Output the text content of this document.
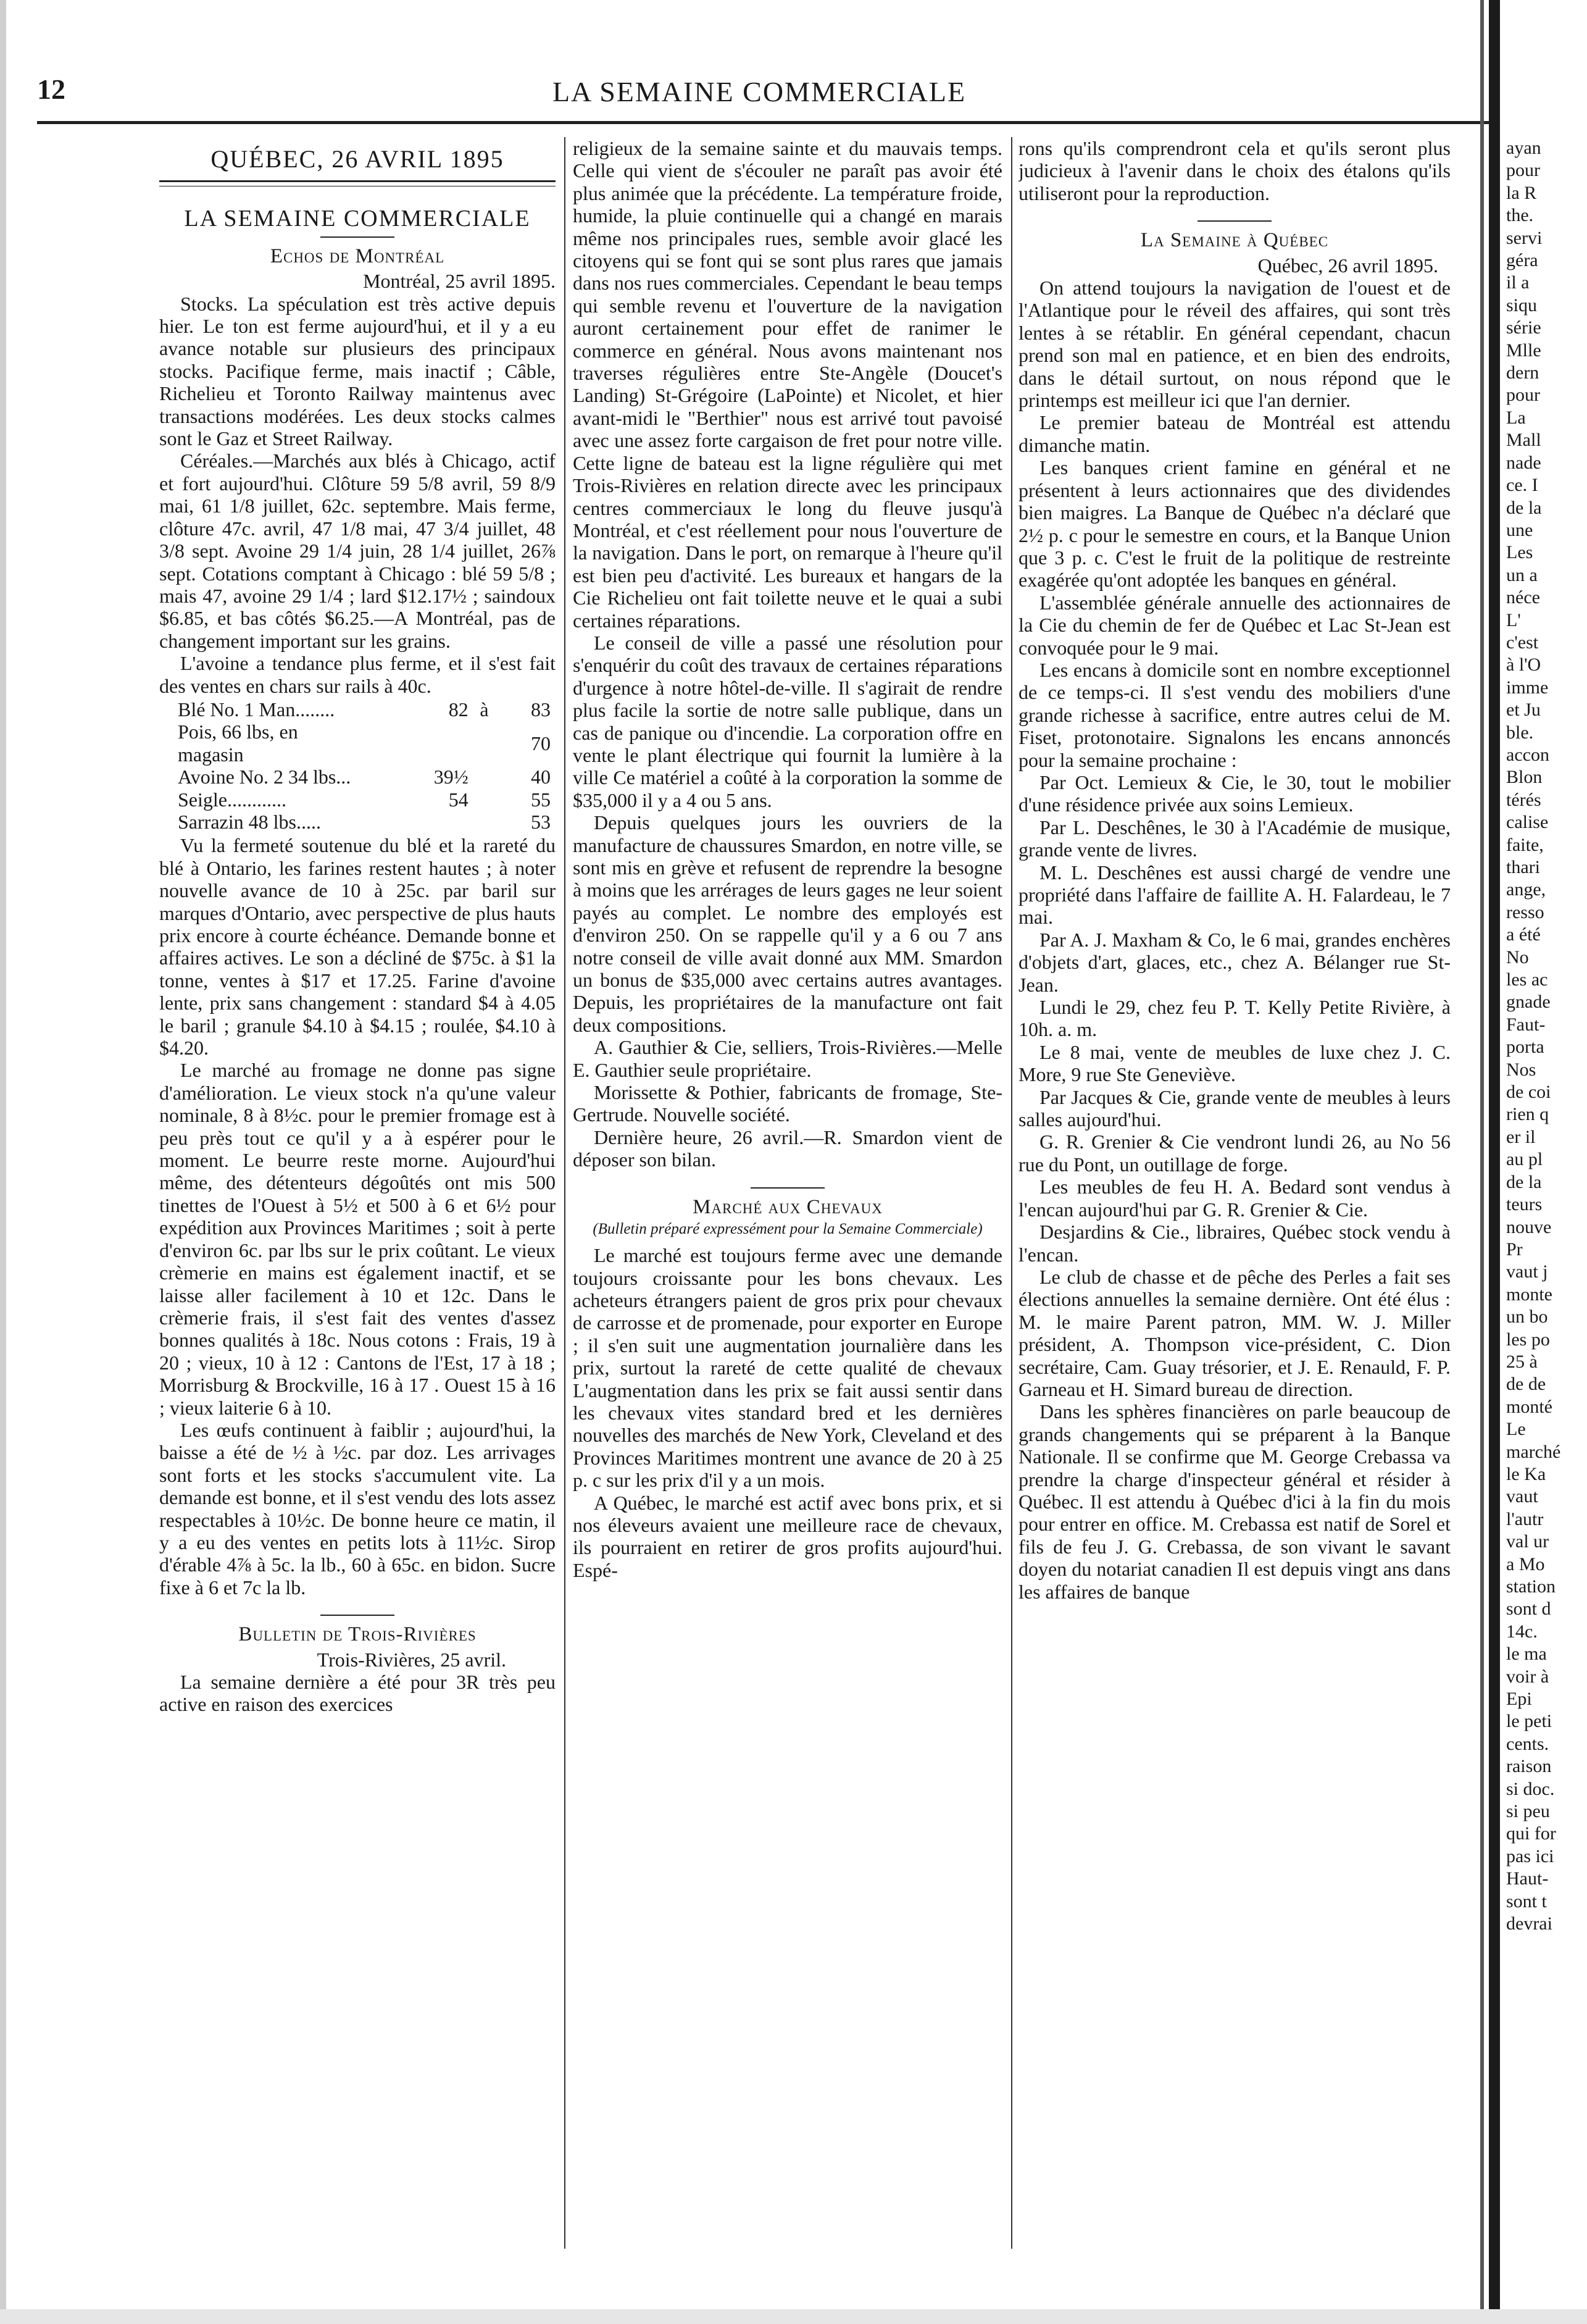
12	LA SEMAINE COMMERCIALE
QUÉBEC, 26 AVRIL 1895
LA SEMAINE COMMERCIALE
Echos de Montréal

Montréal, 25 avril 1895.

Stocks. La spéculation est très active depuis hier. Le ton est ferme aujourd'hui, et il y a eu avance notable sur plusieurs des principaux stocks. Pacifique ferme, mais inactif ; Câble, Richelieu et Toronto Railway maintenus avec transactions modérées. Les deux stocks calmes sont le Gaz et Street Railway.

Céréales.—Marchés aux blés à Chicago, actif et fort aujourd'hui. Clôture 59 5/8 avril, 59 8/9 mai, 61 1/8 juillet, 62c. septembre. Mais ferme, clôture 47c. avril, 47 1/8 mai, 47 3/4 juillet, 48 3/8 sept. Avoine 29 1/4 juin, 28 1/4 juillet, 26⅞ sept. Cotations comptant à Chicago : blé 59 5/8 ; mais 47, avoine 29 1/4 ; lard $12.17½ ; saindoux $6.85, et bas côtés $6.25.—A Montréal, pas de changement important sur les grains.

L'avoine a tendance plus ferme, et il s'est fait des ventes en chars sur rails à 40c.

Blé No. 1 Man........	82	à	83
Pois, 66 lbs, en magasin			70
Avoine No. 2 34 lbs...	39½		40
Seigle............	54		55
Sarrazin 48 lbs.....			53

Vu la fermeté soutenue du blé et la rareté du blé à Ontario, les farines restent hautes ; à noter nouvelle avance de 10 à 25c. par baril sur marques d'Ontario, avec perspective de plus hauts prix encore à courte échéance. Demande bonne et affaires actives. Le son a décliné de $75c. à $1 la tonne, ventes à $17 et 17.25. Farine d'avoine lente, prix sans changement : standard $4 à 4.05 le baril ; granule $4.10 à $4.15 ; roulée, $4.10 à $4.20.

Le marché au fromage ne donne pas signe d'amélioration. Le vieux stock n'a qu'une valeur nominale, 8 à 8½c. pour le premier fromage est à peu près tout ce qu'il y a à espérer pour le moment. Le beurre reste morne. Aujourd'hui même, des détenteurs dégoûtés ont mis 500 tinettes de l'Ouest à 5½ et 500 à 6 et 6½ pour expédition aux Provinces Maritimes ; soit à perte d'environ 6c. par lbs sur le prix coûtant. Le vieux crèmerie en mains est également inactif, et se laisse aller facilement à 10 et 12c. Dans le crèmerie frais, il s'est fait des ventes d'assez bonnes qualités à 18c. Nous cotons : Frais, 19 à 20 ; vieux, 10 à 12 : Cantons de l'Est, 17 à 18 ; Morrisburg & Brockville, 16 à 17 . Ouest 15 à 16 ; vieux laiterie 6 à 10.

Les œufs continuent à faiblir ; aujourd'hui, la baisse a été de ½ à ½c. par doz. Les arrivages sont forts et les stocks s'accumulent vite. La demande est bonne, et il s'est vendu des lots assez respectables à 10½c. De bonne heure ce matin, il y a eu des ventes en petits lots à 11½c. Sirop d'érable 4⅞ à 5c. la lb., 60 à 65c. en bidon. Sucre fixe à 6 et 7c la lb.

Bulletin de Trois-Rivières

Trois-Rivières, 25 avril.

La semaine dernière a été pour 3R très peu active en raison des exercices

religieux de la semaine sainte et du mauvais temps. Celle qui vient de s'écouler ne paraît pas avoir été plus animée que la précédente. La température froide, humide, la pluie continuelle qui a changé en marais même nos principales rues, semble avoir glacé les citoyens qui se font qui se sont plus rares que jamais dans nos rues commerciales. Cependant le beau temps qui semble revenu et l'ouverture de la navigation auront certainement pour effet de ranimer le commerce en général. Nous avons maintenant nos traverses régulières entre Ste-Angèle (Doucet's Landing) St-Grégoire (LaPointe) et Nicolet, et hier avant-midi le "Berthier" nous est arrivé tout pavoisé avec une assez forte cargaison de fret pour notre ville. Cette ligne de bateau est la ligne régulière qui met Trois-Rivières en relation directe avec les principaux centres commerciaux le long du fleuve jusqu'à Montréal, et c'est réellement pour nous l'ouverture de la navigation. Dans le port, on remarque à l'heure qu'il est bien peu d'activité. Les bureaux et hangars de la Cie Richelieu ont fait toilette neuve et le quai a subi certaines réparations.

Le conseil de ville a passé une résolution pour s'enquérir du coût des travaux de certaines réparations d'urgence à notre hôtel-de-ville. Il s'agirait de rendre plus facile la sortie de notre salle publique, dans un cas de panique ou d'incendie. La corporation offre en vente le plant électrique qui fournit la lumière à la ville Ce matériel a coûté à la corporation la somme de $35,000 il y a 4 ou 5 ans.

Depuis quelques jours les ouvriers de la manufacture de chaussures Smardon, en notre ville, se sont mis en grève et refusent de reprendre la besogne à moins que les arrérages de leurs gages ne leur soient payés au complet. Le nombre des employés est d'environ 250. On se rappelle qu'il y a 6 ou 7 ans notre conseil de ville avait donné aux MM. Smardon un bonus de $35,000 avec certains autres avantages. Depuis, les propriétaires de la manufacture ont fait deux compositions.

A. Gauthier & Cie, selliers, Trois-Rivières.—Melle E. Gauthier seule propriétaire.

Morissette & Pothier, fabricants de fromage, Ste-Gertrude. Nouvelle société.

Dernière heure, 26 avril.—R. Smardon vient de déposer son bilan.

Marché aux Chevaux
(Bulletin préparé expressément pour la Semaine Commerciale)

Le marché est toujours ferme avec une demande toujours croissante pour les bons chevaux. Les acheteurs étrangers paient de gros prix pour chevaux de carrosse et de promenade, pour exporter en Europe ; il s'en suit une augmentation journalière dans les prix, surtout la rareté de cette qualité de chevaux L'augmentation dans les prix se fait aussi sentir dans les chevaux vites standard bred et les dernières nouvelles des marchés de New York, Cleveland et des Provinces Maritimes montrent une avance de 20 à 25 p. c sur les prix d'il y a un mois.

A Québec, le marché est actif avec bons prix, et si nos éleveurs avaient une meilleure race de chevaux, ils pourraient en retirer de gros profits aujourd'hui. Espé-

rons qu'ils comprendront cela et qu'ils seront plus judicieux à l'avenir dans le choix des étalons qu'ils utiliseront pour la reproduction.

La Semaine à Québec

Québec, 26 avril 1895.

On attend toujours la navigation de l'ouest et de l'Atlantique pour le réveil des affaires, qui sont très lentes à se rétablir. En général cependant, chacun prend son mal en patience, et en bien des endroits, dans le détail surtout, on nous répond que le printemps est meilleur ici que l'an dernier.

Le premier bateau de Montréal est attendu dimanche matin.

Les banques crient famine en général et ne présentent à leurs actionnaires que des dividendes bien maigres. La Banque de Québec n'a déclaré que 2½ p. c pour le semestre en cours, et la Banque Union que 3 p. c. C'est le fruit de la politique de restreinte exagérée qu'ont adoptée les banques en général.

L'assemblée générale annuelle des actionnaires de la Cie du chemin de fer de Québec et Lac St-Jean est convoquée pour le 9 mai.

Les encans à domicile sont en nombre exceptionnel de ce temps-ci. Il s'est vendu des mobiliers d'une grande richesse à sacrifice, entre autres celui de M. Fiset, protonotaire. Signalons les encans annoncés pour la semaine prochaine :

Par Oct. Lemieux & Cie, le 30, tout le mobilier d'une résidence privée aux soins Lemieux.

Par L. Deschênes, le 30 à l'Académie de musique, grande vente de livres.

M. L. Deschênes est aussi chargé de vendre une propriété dans l'affaire de faillite A. H. Falardeau, le 7 mai.

Par A. J. Maxham & Co, le 6 mai, grandes enchères d'objets d'art, glaces, etc., chez A. Bélanger rue St-Jean.

Lundi le 29, chez feu P. T. Kelly Petite Rivière, à 10h. a. m.

Le 8 mai, vente de meubles de luxe chez J. C. More, 9 rue Ste Geneviève.

Par Jacques & Cie, grande vente de meubles à leurs salles aujourd'hui.

G. R. Grenier & Cie vendront lundi 26, au No 56 rue du Pont, un outillage de forge.

Les meubles de feu H. A. Bedard sont vendus à l'encan aujourd'hui par G. R. Grenier & Cie.

Desjardins & Cie., libraires, Québec stock vendu à l'encan.

Le club de chasse et de pêche des Perles a fait ses élections annuelles la semaine dernière. Ont été élus : M. le maire Parent patron, MM. W. J. Miller président, A. Thompson vice-président, C. Dion secrétaire, Cam. Guay trésorier, et J. E. Renauld, F. P. Garneau et H. Simard bureau de direction.

Dans les sphères financières on parle beaucoup de grands changements qui se préparent à la Banque Nationale. Il se confirme que M. George Crebassa va prendre la charge d'inspecteur général et résider à Québec. Il est attendu à Québec d'ici à la fin du mois pour entrer en office. M. Crebassa est natif de Sorel et fils de feu J. G. Crebassa, de son vivant le savant doyen du notariat canadien Il est depuis vingt ans dans les affaires de banque

ayan
pour
la R
the.
servi
géra
il a
siqu
série
Mlle
dern
pour
La
Mall
nade
ce. I
de la
une
Les
un a
néce
L'
c'est
à l'O
imme
et Ju
ble.
accon
Blon
térés
calise
faite,
thari
ange,
resso
a été
No
les ac
gnade
Faut-
porta
Nos
de coi
rien q
er il
au pl
de la
teurs
nouve
Pr
vaut j
monte
un bo
les po
25 à
de de
monté
Le
marché
le Ka
vaut
l'autr
val ur
a Mo
station
sont d
14c.
le ma
voir à
Epi
le peti
cents.
raison
si doc.
si peu
qui for
pas ici
Haut-
sont t
devrai
